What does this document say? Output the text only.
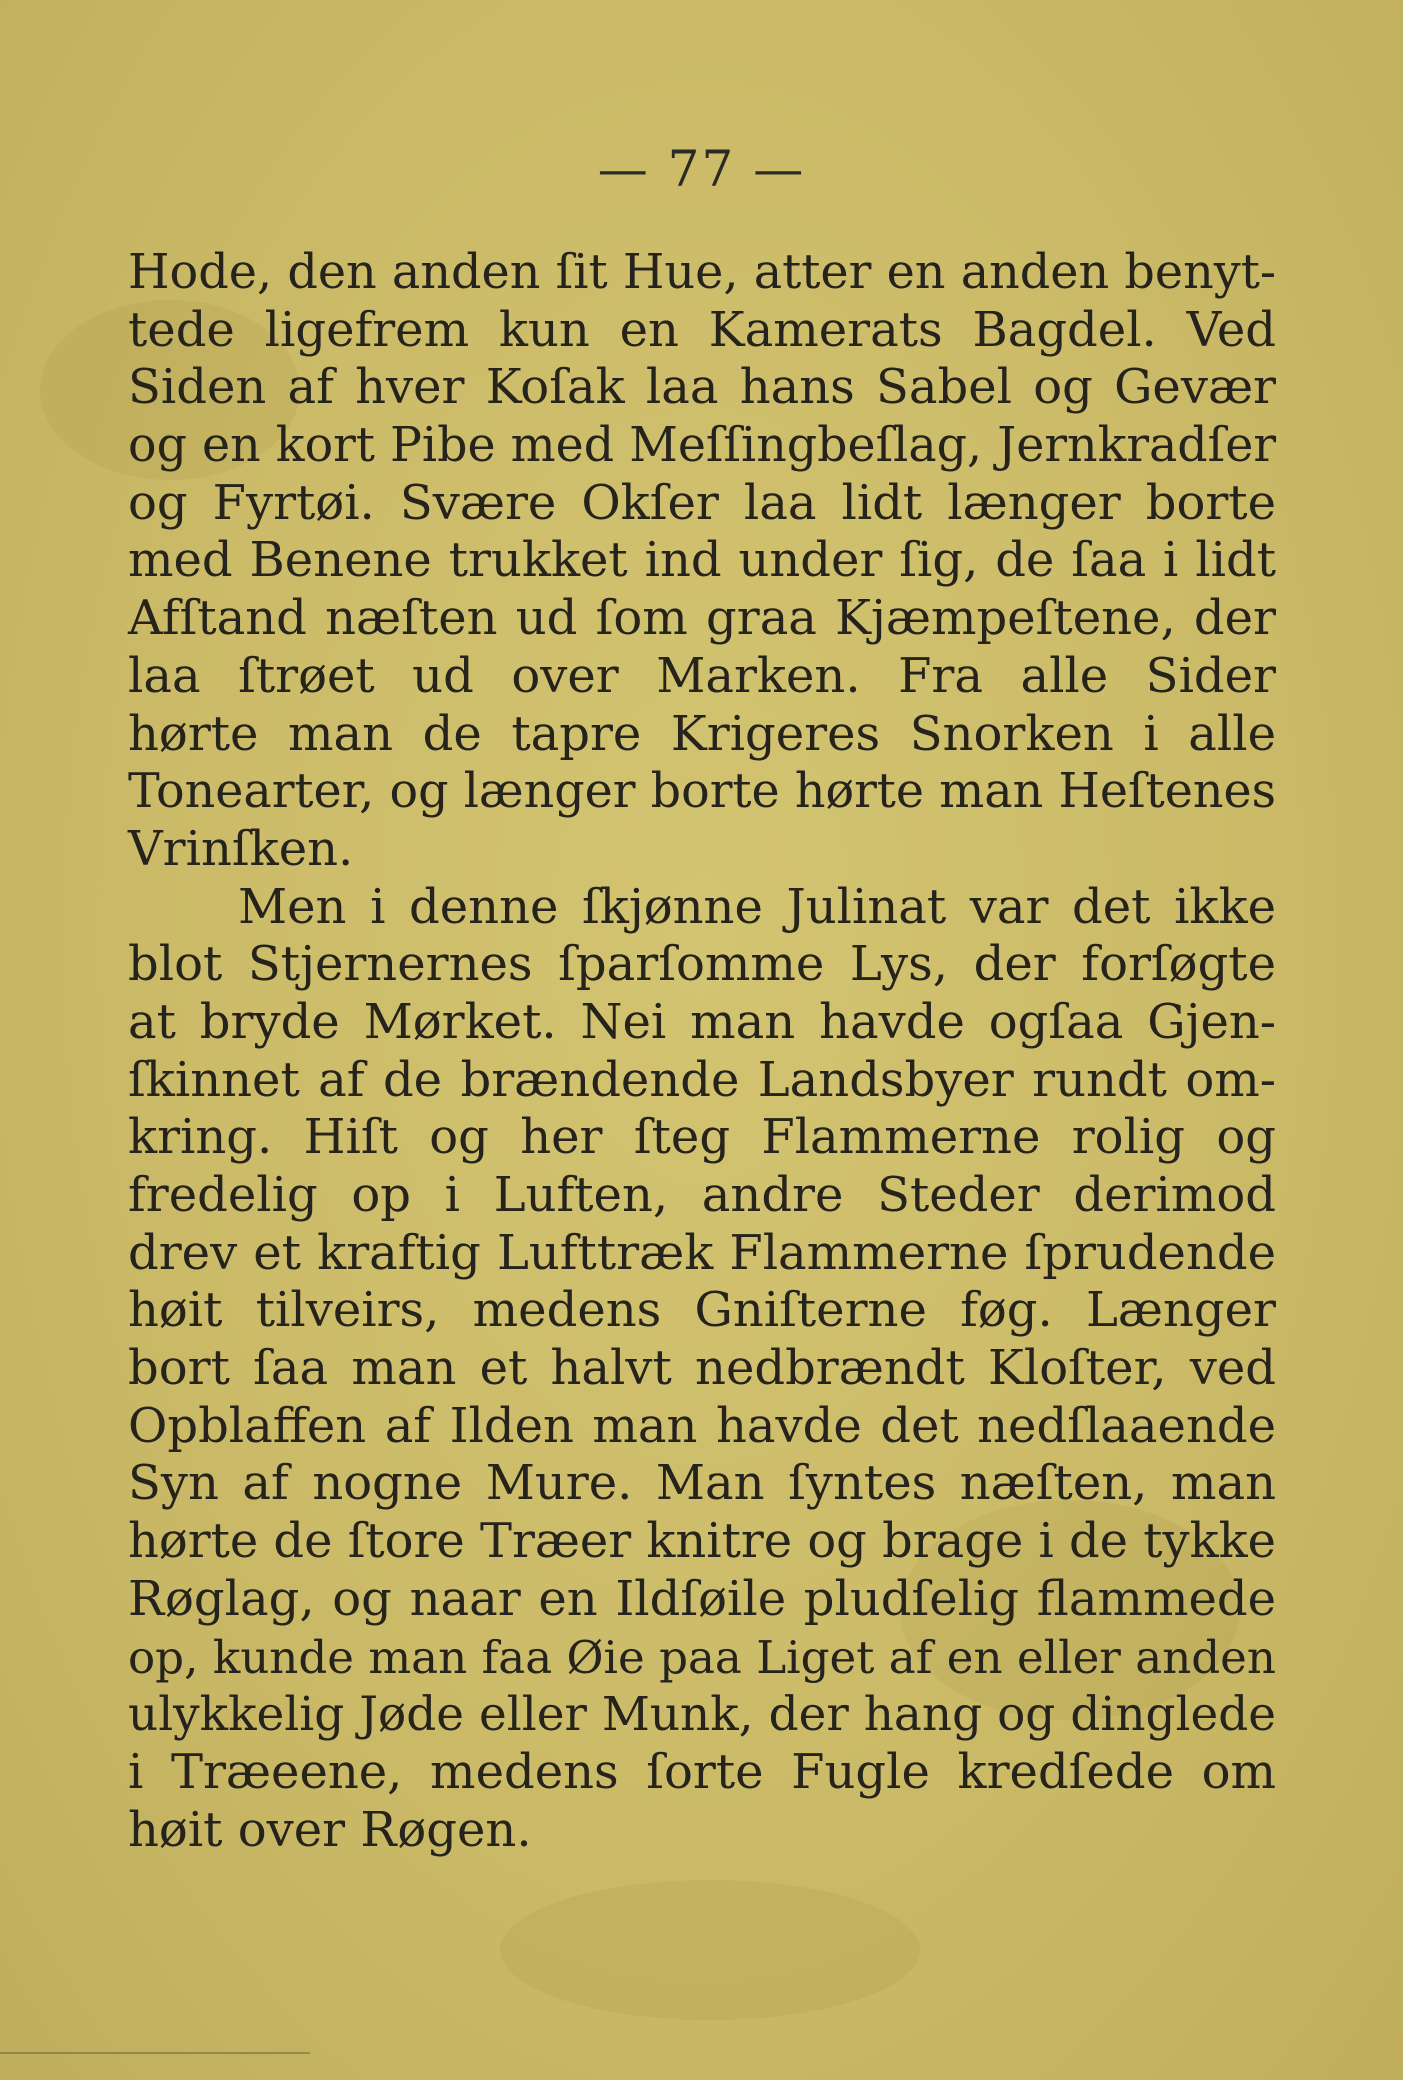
— 77 —
Hode, den anden ſit Hue, atter en anden benyt-
tede ligefrem kun en Kamerats Bagdel. Ved
Siden af hver Koſak laa hans Sabel og Gevær
og en kort Pibe med Meſſingbeſlag, Jernkradſer
og Fyrtøi. Svære Okſer laa lidt længer borte
med Benene trukket ind under ſig, de ſaa i lidt
Afſtand næſten ud ſom graa Kjæmpeſtene, der
laa ſtrøet ud over Marken. Fra alle Sider
hørte man de tapre Krigeres Snorken i alle
Tonearter, og længer borte hørte man Heſtenes
Vrinſken.
Men i denne ſkjønne Julinat var det ikke
blot Stjernernes ſparſomme Lys, der forſøgte
at bryde Mørket. Nei man havde ogſaa Gjen-
ſkinnet af de brændende Landsbyer rundt om-
kring. Hiſt og her ſteg Flammerne rolig og
fredelig op i Luften, andre Steder derimod
drev et kraftig Lufttræk Flammerne ſprudende
høit tilveirs, medens Gniſterne føg. Længer
bort ſaa man et halvt nedbrændt Kloſter, ved
Opblaffen af Ilden man havde det nedſlaaende
Syn af nogne Mure. Man ſyntes næſten, man
hørte de ſtore Træer knitre og brage i de tykke
Røglag, og naar en Ildſøile pludſelig flammede
op, kunde man faa Øie paa Liget af en eller anden
ulykkelig Jøde eller Munk, der hang og dinglede
i Træeene, medens ſorte Fugle kredſede om
høit over Røgen.
